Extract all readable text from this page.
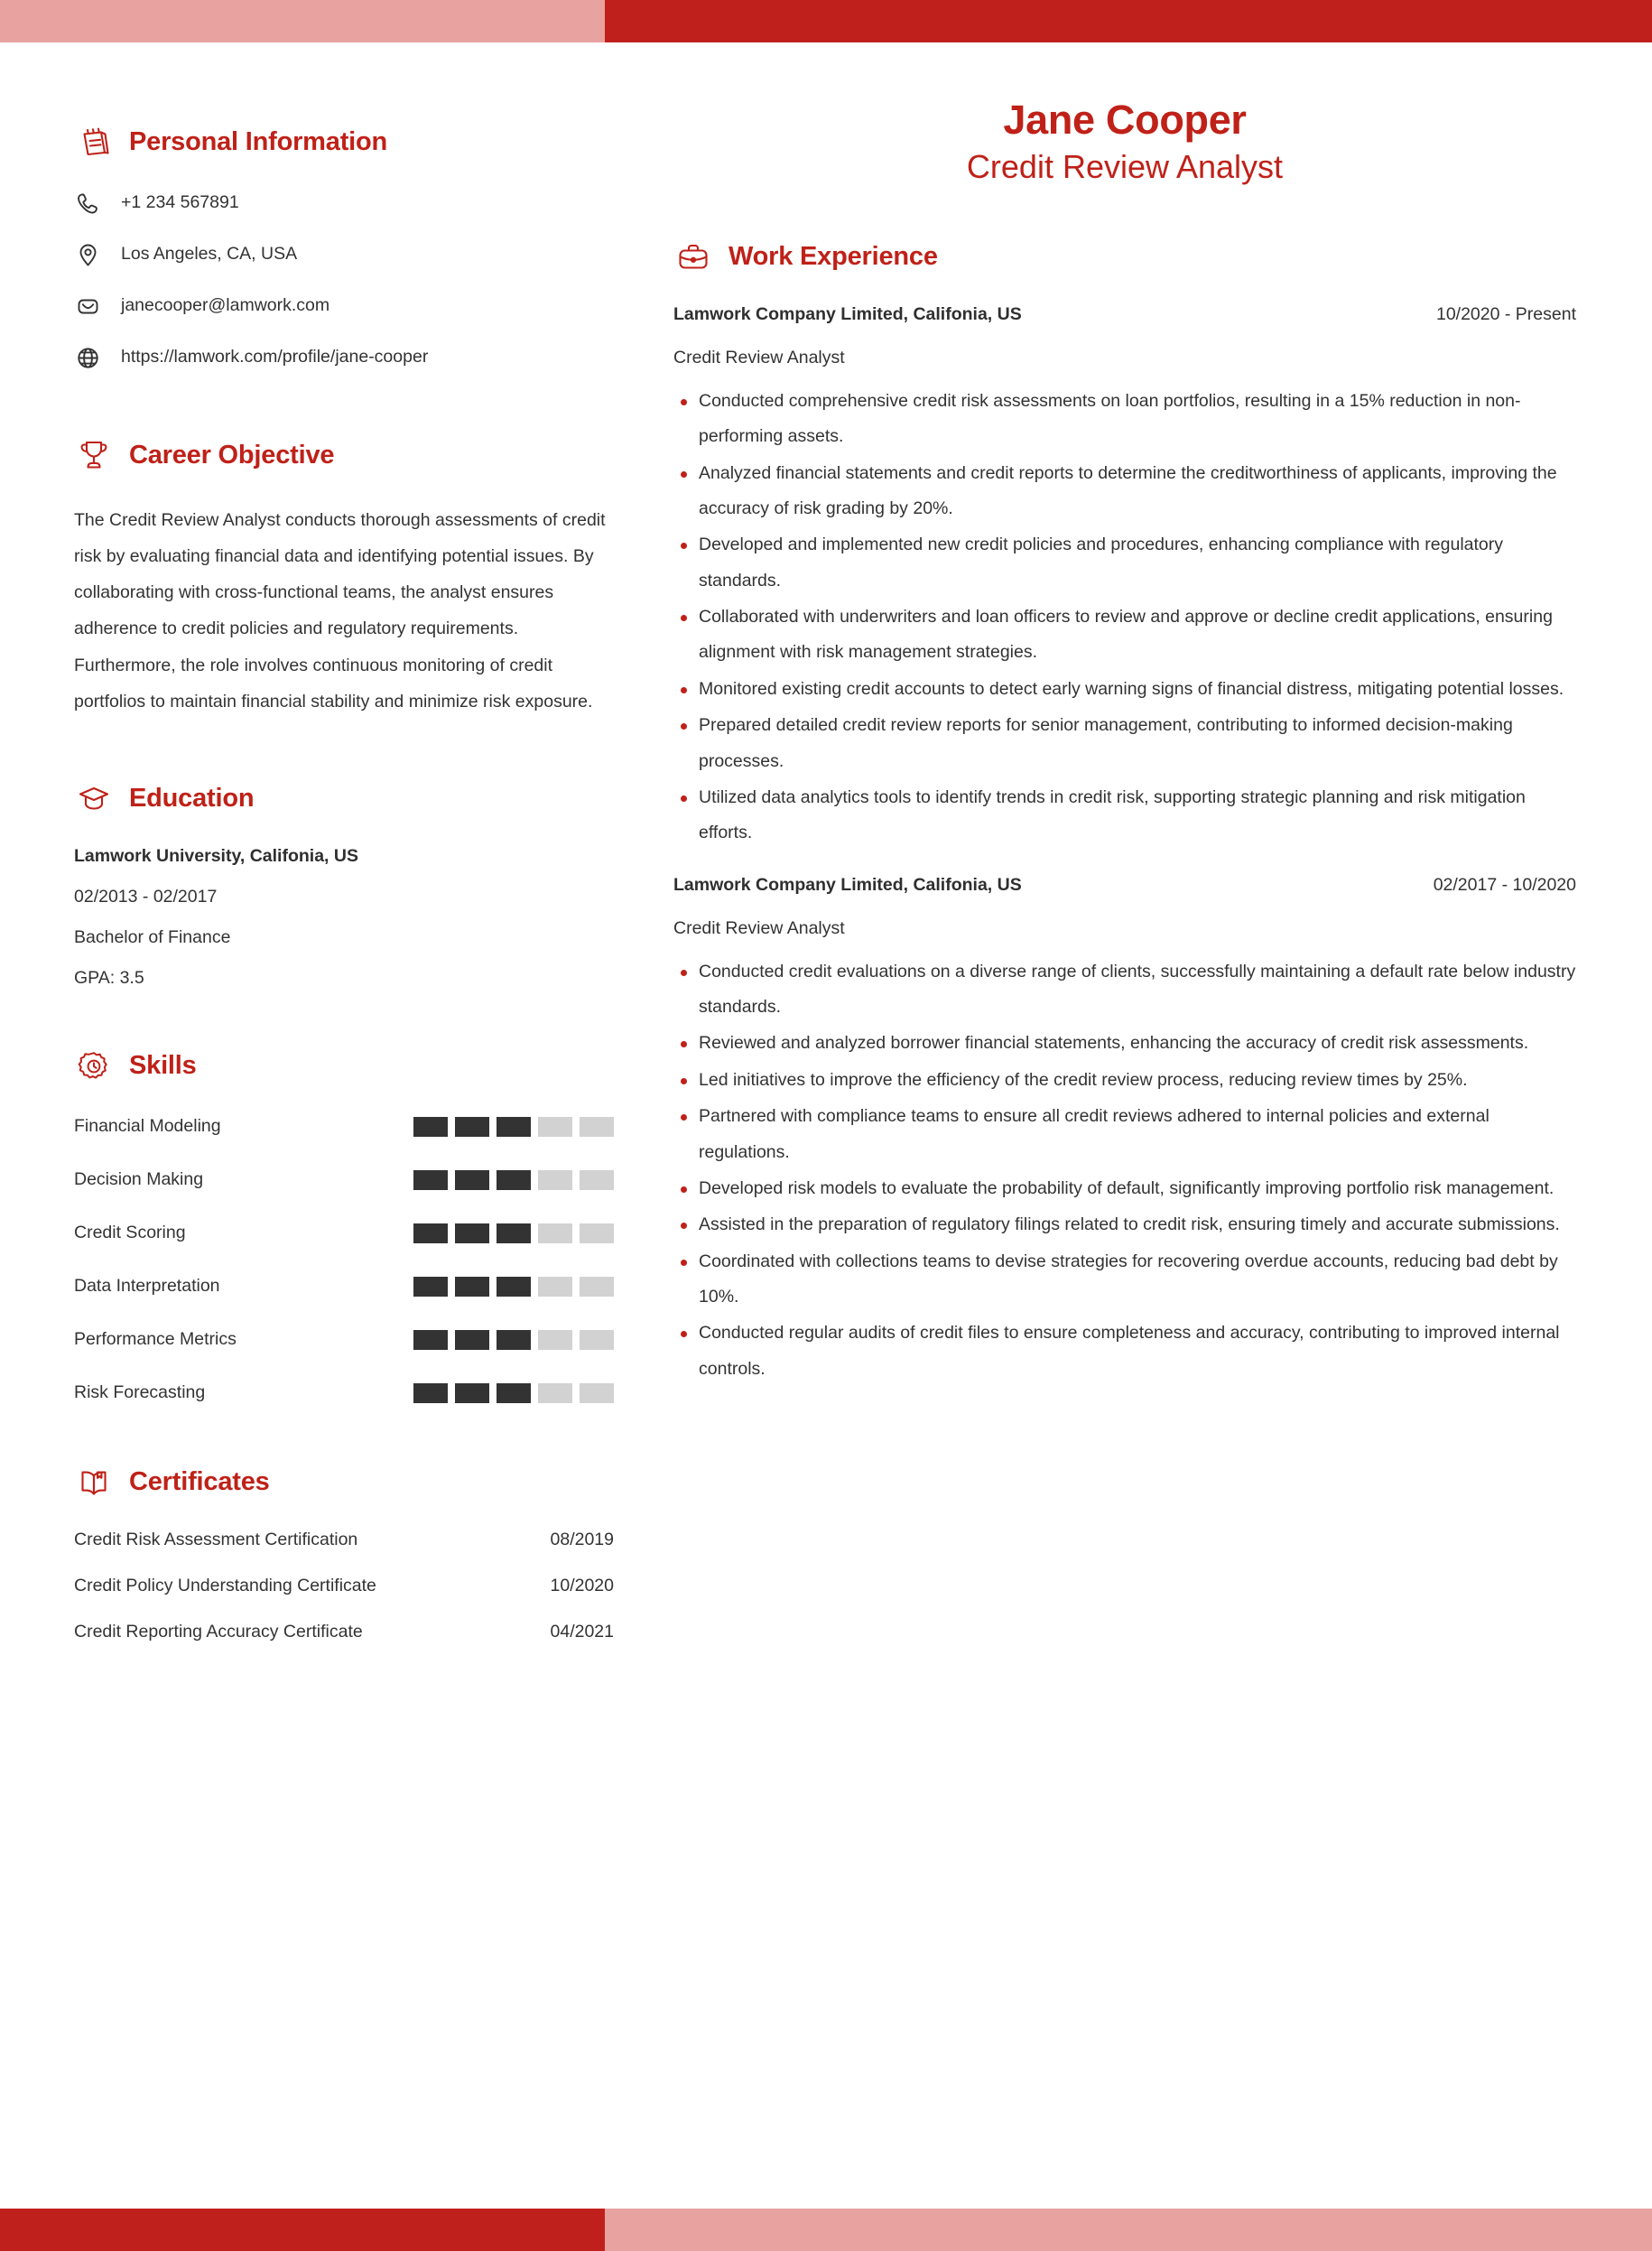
Personal Information
+1 234 567891
Los Angeles, CA, USA
janecooper@lamwork.com
https://lamwork.com/profile/jane-cooper
Career Objective

The Credit Review Analyst conducts thorough assessments of credit risk by evaluating financial data and identifying potential issues. By collaborating with cross-functional teams, the analyst ensures adherence to credit policies and regulatory requirements. Furthermore, the role involves continuous monitoring of credit portfolios to maintain financial stability and minimize risk exposure.

Education
Lamwork University, Califonia, US
02/2013 - 02/2017
Bachelor of Finance
GPA: 3.5
Skills
Financial Modeling
Decision Making
Credit Scoring
Data Interpretation
Performance Metrics
Risk Forecasting
Certificates
Credit Risk Assessment Certification	08/2019
Credit Policy Understanding Certificate	10/2020
Credit Reporting Accuracy Certificate	04/2021
Jane Cooper
Credit Review Analyst
Work Experience
Lamwork Company Limited, Califonia, US	10/2020 - Present
Credit Review Analyst
Conducted comprehensive credit risk assessments on loan portfolios, resulting in a 15% reduction in non-performing assets.
Analyzed financial statements and credit reports to determine the creditworthiness of applicants, improving the accuracy of risk grading by 20%.
Developed and implemented new credit policies and procedures, enhancing compliance with regulatory standards.
Collaborated with underwriters and loan officers to review and approve or decline credit applications, ensuring alignment with risk management strategies.
Monitored existing credit accounts to detect early warning signs of financial distress, mitigating potential losses.
Prepared detailed credit review reports for senior management, contributing to informed decision-making processes.
Utilized data analytics tools to identify trends in credit risk, supporting strategic planning and risk mitigation efforts.
Lamwork Company Limited, Califonia, US	02/2017 - 10/2020
Credit Review Analyst
Conducted credit evaluations on a diverse range of clients, successfully maintaining a default rate below industry standards.
Reviewed and analyzed borrower financial statements, enhancing the accuracy of credit risk assessments.
Led initiatives to improve the efficiency of the credit review process, reducing review times by 25%.
Partnered with compliance teams to ensure all credit reviews adhered to internal policies and external regulations.
Developed risk models to evaluate the probability of default, significantly improving portfolio risk management.
Assisted in the preparation of regulatory filings related to credit risk, ensuring timely and accurate submissions.
Coordinated with collections teams to devise strategies for recovering overdue accounts, reducing bad debt by 10%.
Conducted regular audits of credit files to ensure completeness and accuracy, contributing to improved internal controls.
